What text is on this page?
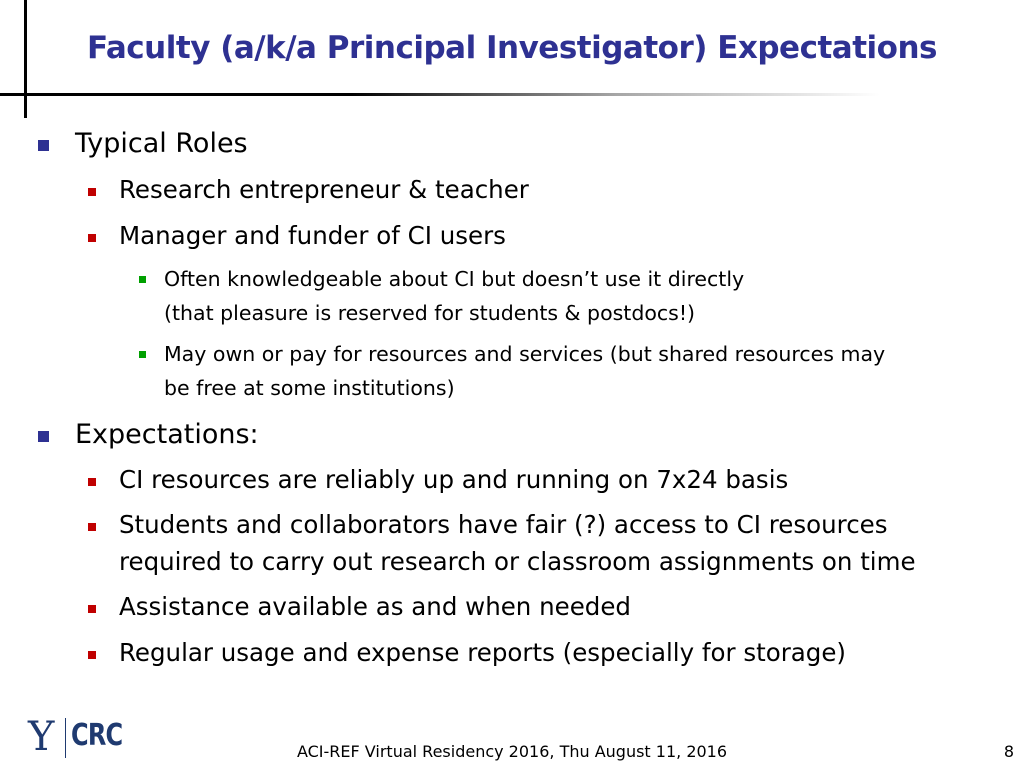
Faculty (a/k/a Principal Investigator) Expectations
Typical Roles
Research entrepreneur & teacher
Manager and funder of CI users
Often knowledgeable about CI but doesn’t use it directly
(that pleasure is reserved for students & postdocs!)
May own or pay for resources and services (but shared resources may
be free at some institutions)
Expectations:
CI resources are reliably up and running on 7x24 basis
Students and collaborators have fair (?) access to CI resources
required to carry out research or classroom assignments on time
Assistance available as and when needed
Regular usage and expense reports (especially for storage)
Y CRC	ACI-REF Virtual Residency 2016, Thu August 11, 2016	8
